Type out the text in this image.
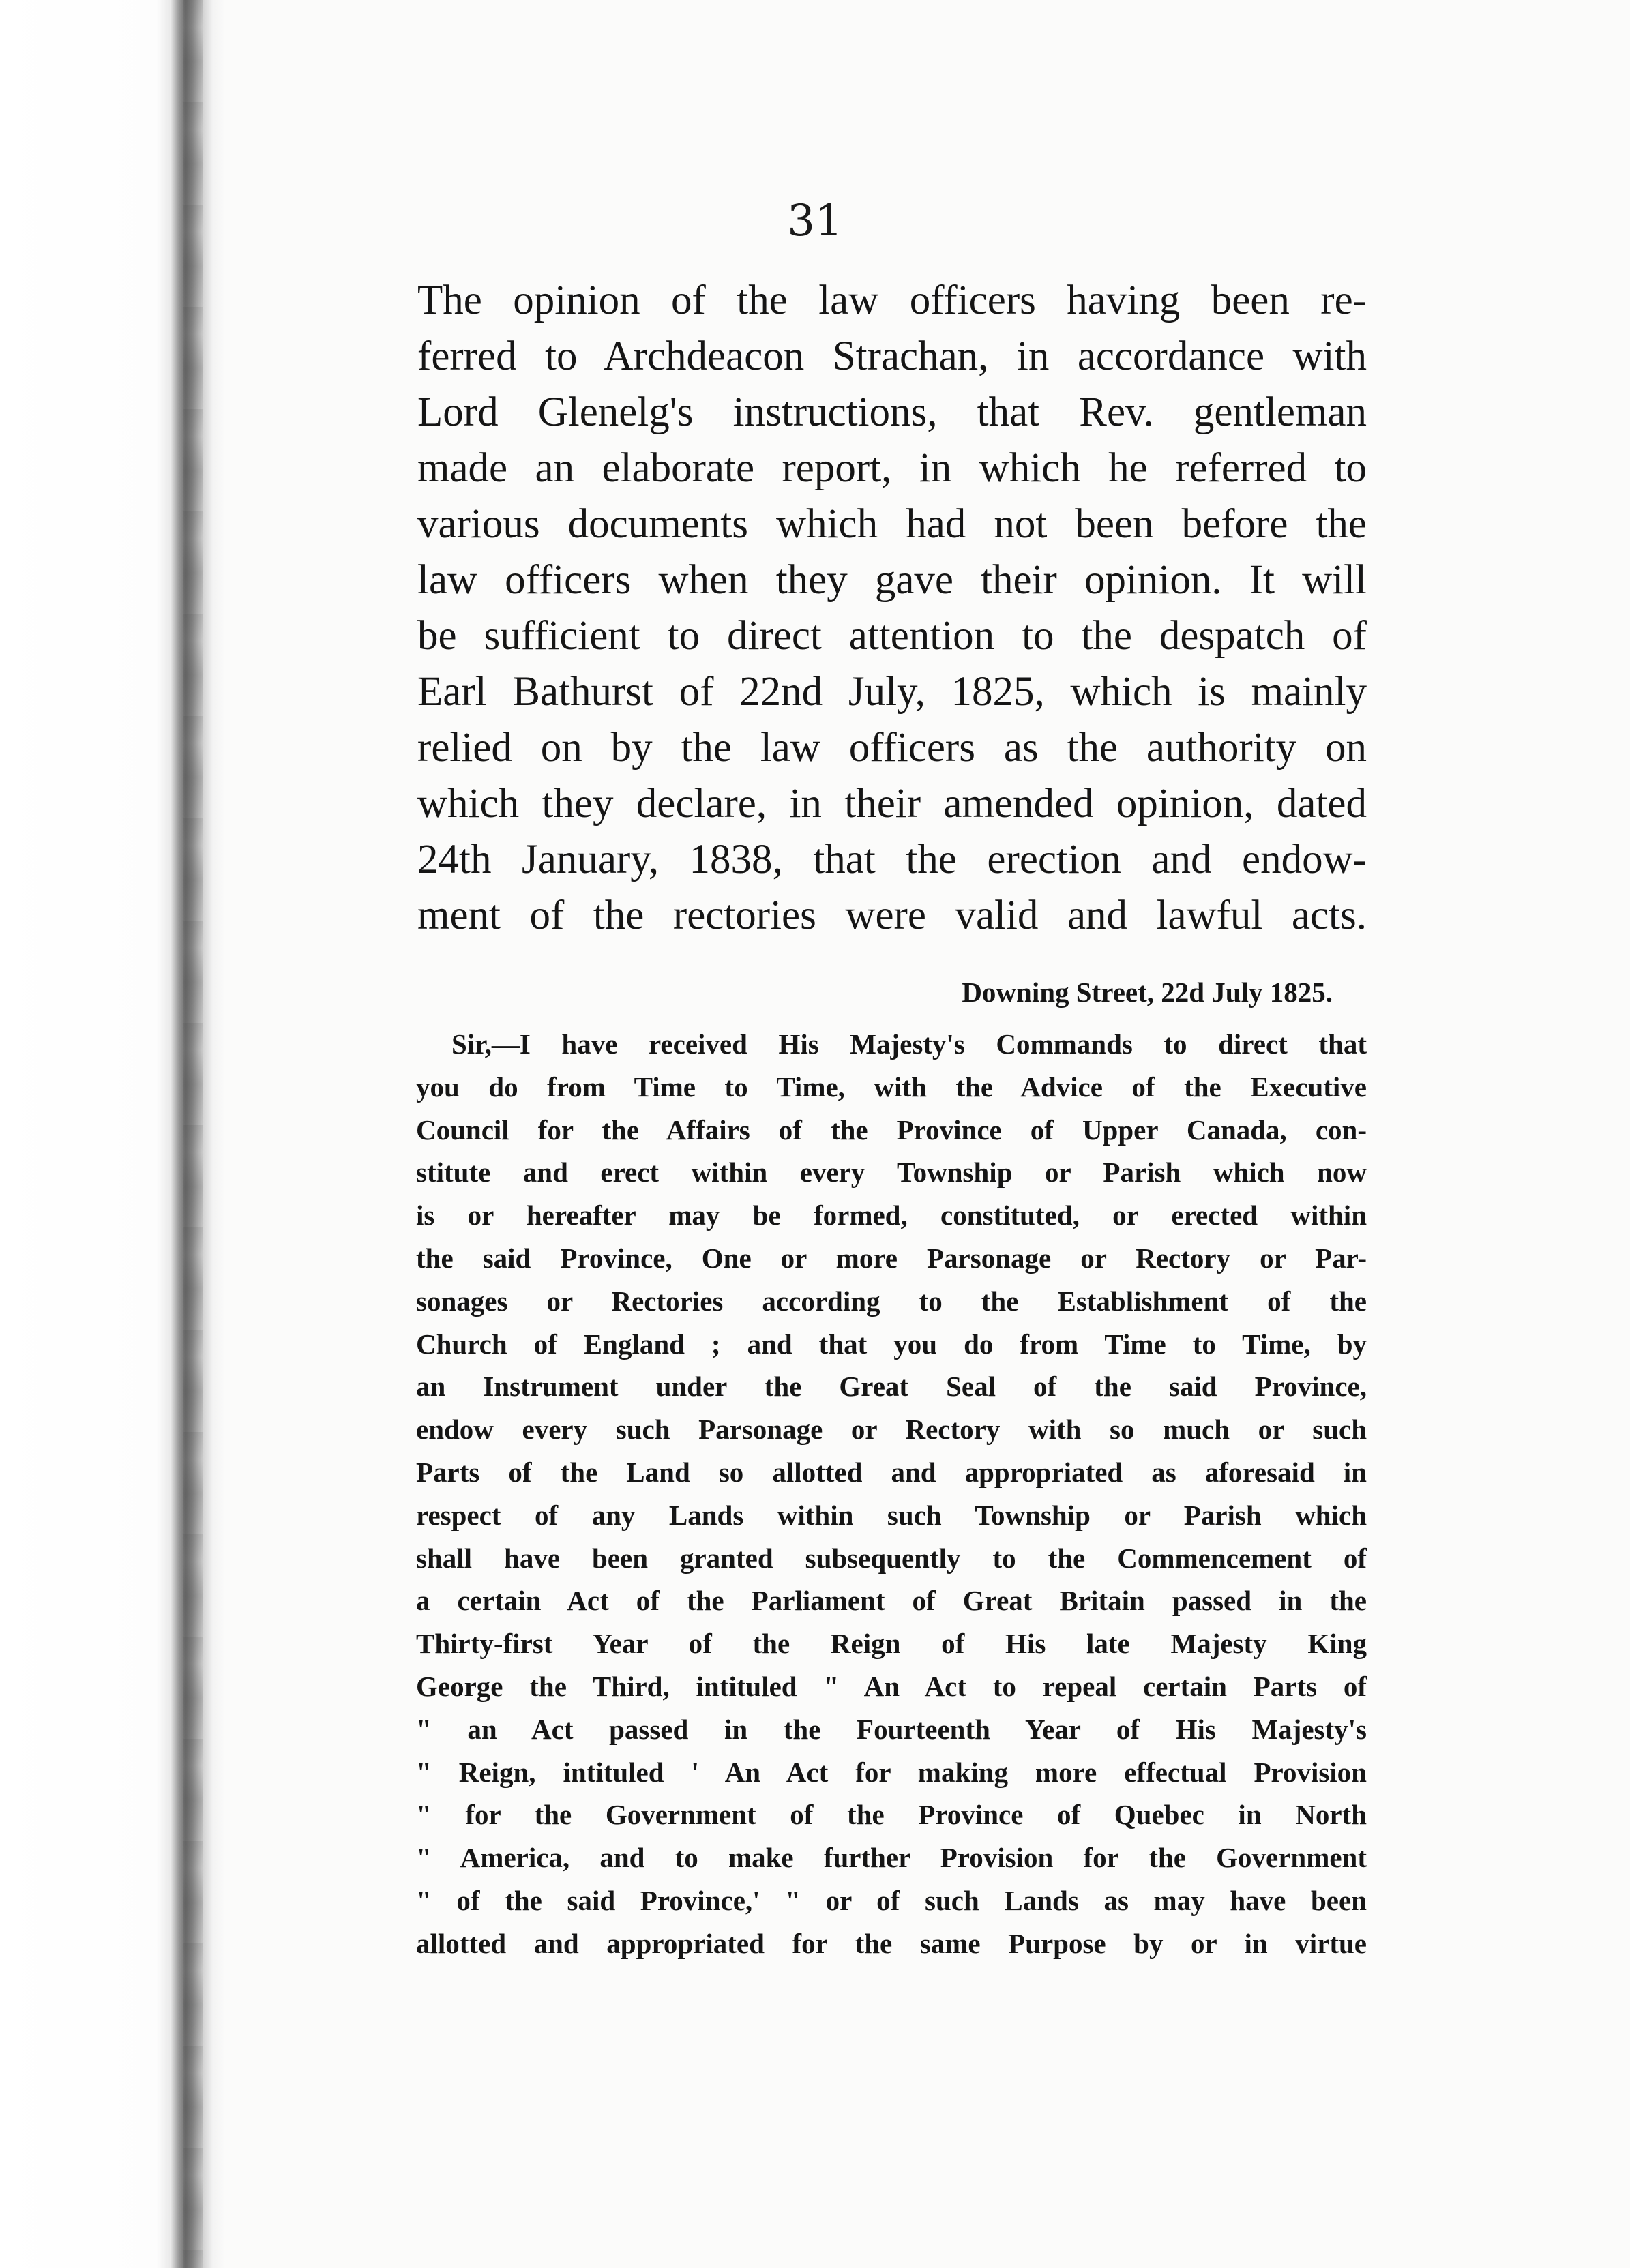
31
The opinion of the law officers having been re-
ferred to Archdeacon Strachan, in accordance with
Lord Glenelg's instructions, that Rev. gentleman
made an elaborate report, in which he referred to
various documents which had not been before the
law officers when they gave their opinion. It will
be sufficient to direct attention to the despatch of
Earl Bathurst of 22nd July, 1825, which is mainly
relied on by the law officers as the authority on
which they declare, in their amended opinion, dated
24th January, 1838, that the erection and endow-
ment of the rectories were valid and lawful acts.
Downing Street, 22d July 1825.
Sir,—I have received His Majesty's Commands to direct that
you do from Time to Time, with the Advice of the Executive
Council for the Affairs of the Province of Upper Canada, con-
stitute and erect within every Township or Parish which now
is or hereafter may be formed, constituted, or erected within
the said Province, One or more Parsonage or Rectory or Par-
sonages or Rectories according to the Establishment of the
Church of England ; and that you do from Time to Time, by
an Instrument under the Great Seal of the said Province,
endow every such Parsonage or Rectory with so much or such
Parts of the Land so allotted and appropriated as aforesaid in
respect of any Lands within such Township or Parish which
shall have been granted subsequently to the Commencement of
a certain Act of the Parliament of Great Britain passed in the
Thirty-first Year of the Reign of His late Majesty King
George the Third, intituled " An Act to repeal certain Parts of
" an Act passed in the Fourteenth Year of His Majesty's
" Reign, intituled ' An Act for making more effectual Provision
" for the Government of the Province of Quebec in North
" America, and to make further Provision for the Government
" of the said Province,' " or of such Lands as may have been
allotted and appropriated for the same Purpose by or in virtue
